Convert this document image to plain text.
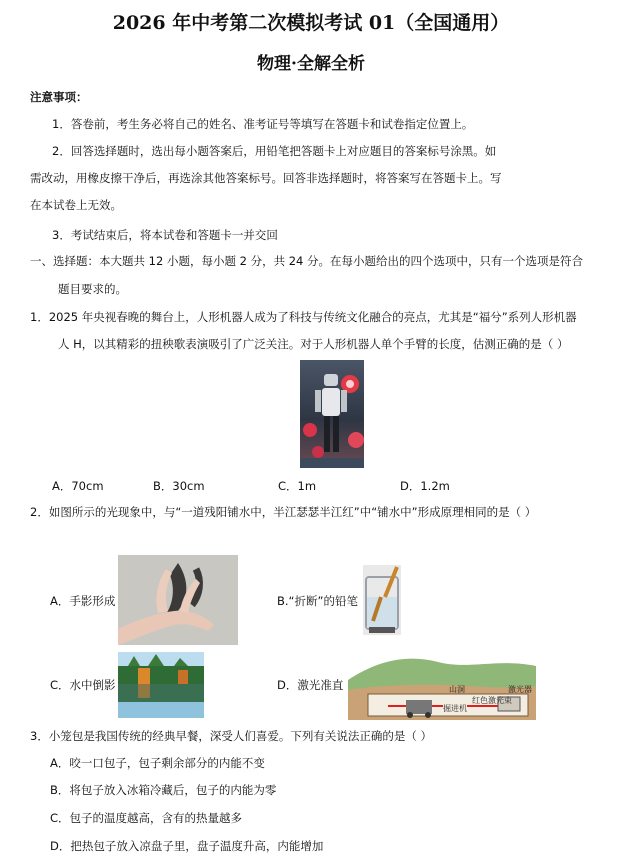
2026 年中考第二次模拟考试 01（全国通用）
物理·全解全析
注意事项：
1．答卷前，考生务必将自己的姓名、准考证号等填写在答题卡和试卷指定位置上。
2．回答选择题时，选出每小题答案后，用铅笔把答题卡上对应题目的答案标号涂黑。如
需改动，用橡皮擦干净后，再选涂其他答案标号。回答非选择题时，将答案写在答题卡上。写
在本试卷上无效。
3．考试结束后，将本试卷和答题卡一并交回
一、选择题：本大题共 12 小题，每小题 2 分，共 24 分。在每小题给出的四个选项中，只有一个选项是符合
题目要求的。
1．2025 年央视春晚的舞台上，人形机器人成为了科技与传统文化融合的亮点，尤其是“福兮”系列人形机器
人 H，以其精彩的扭秧歌表演吸引了广泛关注。对于人形机器人单个手臂的长度，估测正确的是（ ）
A．70cm	B．30cm	C．1m	D．1.2m
2．如图所示的光现象中，与“一道残阳铺水中，半江瑟瑟半江红”中“铺水中”形成原理相同的是（ ）
A．手影形成	B.“折断”的铅笔
C．水中倒影	山洞	激光器
掘进机
红色激光束
D．激光准直
3．小笼包是我国传统的经典早餐，深受人们喜爱。下列有关说法正确的是（ ）
A．咬一口包子，包子剩余部分的内能不变
B．将包子放入冰箱冷藏后，包子的内能为零
C．包子的温度越高，含有的热量越多
D．把热包子放入凉盘子里，盘子温度升高，内能增加
